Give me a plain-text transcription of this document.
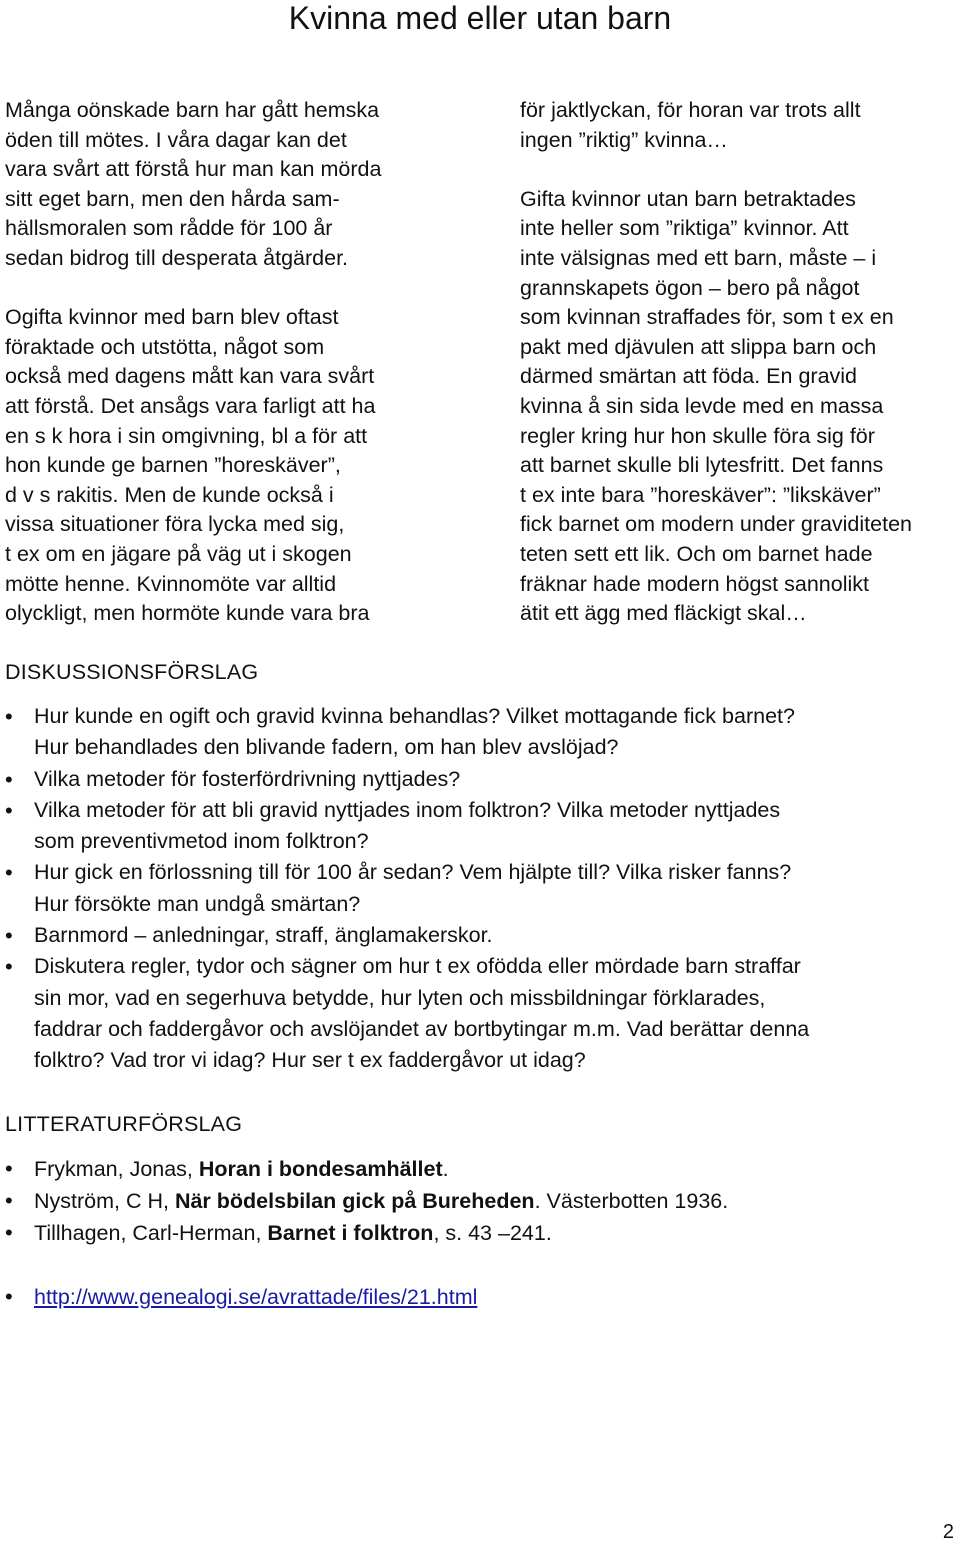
Kvinna med eller utan barn

Många oönskade barn har gått hemska
öden till mötes. I våra dagar kan det
vara svårt att förstå hur man kan mörda
sitt eget barn, men den hårda sam-
hällsmoralen som rådde för 100 år
sedan bidrog till desperata åtgärder.

Ogifta kvinnor med barn blev oftast
föraktade och utstötta, något som
också med dagens mått kan vara svårt
att förstå. Det ansågs vara farligt att ha
en s k hora i sin omgivning, bl a för att
hon kunde ge barnen ”horeskäver”,
d v s rakitis. Men de kunde också i
vissa situationer föra lycka med sig,
t ex om en jägare på väg ut i skogen
mötte henne. Kvinnomöte var alltid
olyckligt, men hormöte kunde vara bra

för jaktlyckan, för horan var trots allt
ingen ”riktig” kvinna…

Gifta kvinnor utan barn betraktades
inte heller som ”riktiga” kvinnor. Att
inte välsignas med ett barn, måste – i
grannskapets ögon – bero på något
som kvinnan straffades för, som t ex en
pakt med djävulen att slippa barn och
därmed smärtan att föda. En gravid
kvinna å sin sida levde med en massa
regler kring hur hon skulle föra sig för
att barnet skulle bli lytesfritt. Det fanns
t ex inte bara ”horeskäver”: ”likskäver”
fick barnet om modern under graviditeten
teten sett ett lik. Och om barnet hade
fräknar hade modern högst sannolikt
ätit ett ägg med fläckigt skal…

DISKUSSIONSFÖRSLAG
• Hur kunde en ogift och gravid kvinna behandlas? Vilket mottagande fick barnet?
Hur behandlades den blivande fadern, om han blev avslöjad?
• Vilka metoder för fosterfördrivning nyttjades?
• Vilka metoder för att bli gravid nyttjades inom folktron? Vilka metoder nyttjades
som preventivmetod inom folktron?
• Hur gick en förlossning till för 100 år sedan? Vem hjälpte till? Vilka risker fanns?
Hur försökte man undgå smärtan?
• Barnmord – anledningar, straff, änglamakerskor.
• Diskutera regler, tydor och sägner om hur t ex ofödda eller mördade barn straffar
sin mor, vad en segerhuva betydde, hur lyten och missbildningar förklarades,
faddrar och faddergåvor och avslöjandet av bortbytingar m.m. Vad berättar denna
folktro? Vad tror vi idag? Hur ser t ex faddergåvor ut idag?
LITTERATURFÖRSLAG
• Frykman, Jonas, Horan i bondesamhället.
• Nyström, C H, När bödelsbilan gick på Bureheden. Västerbotten 1936.
• Tillhagen, Carl-Herman, Barnet i folktron, s. 43 –241.
• http://www.genealogi.se/avrattade/files/21.html
2
